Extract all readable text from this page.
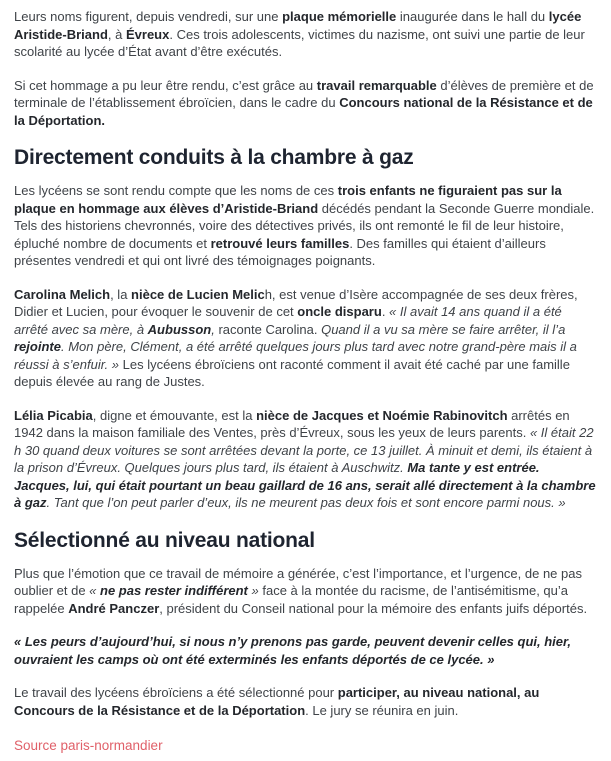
Leurs noms figurent, depuis vendredi, sur une plaque mémorielle inaugurée dans le hall du lycée Aristide-Briand, à Évreux. Ces trois adolescents, victimes du nazisme, ont suivi une partie de leur scolarité au lycée d’État avant d’être exécutés.

Si cet hommage a pu leur être rendu, c’est grâce au travail remarquable d’élèves de première et de terminale de l’établissement ébroïcien, dans le cadre du Concours national de la Résistance et de la Déportation.

Directement conduits à la chambre à gaz

Les lycéens se sont rendu compte que les noms de ces trois enfants ne figuraient pas sur la plaque en hommage aux élèves d’Aristide-Briand décédés pendant la Seconde Guerre mondiale. Tels des historiens chevronnés, voire des détectives privés, ils ont remonté le fil de leur histoire, épluché nombre de documents et retrouvé leurs familles. Des familles qui étaient d’ailleurs présentes vendredi et qui ont livré des témoignages poignants.

Carolina Melich, la nièce de Lucien Melich, est venue d’Isère accompagnée de ses deux frères, Didier et Lucien, pour évoquer le souvenir de cet oncle disparu. « Il avait 14 ans quand il a été arrêté avec sa mère, à Aubusson, raconte Carolina. Quand il a vu sa mère se faire arrêter, il l’a rejointe. Mon père, Clément, a été arrêté quelques jours plus tard avec notre grand-père mais il a réussi à s’enfuir. » Les lycéens ébroïciens ont raconté comment il avait été caché par une famille depuis élevée au rang de Justes.

Lélia Picabia, digne et émouvante, est la nièce de Jacques et Noémie Rabinovitch arrêtés en 1942 dans la maison familiale des Ventes, près d’Évreux, sous les yeux de leurs parents. « Il était 22 h 30 quand deux voitures se sont arrêtées devant la porte, ce 13 juillet. À minuit et demi, ils étaient à la prison d’Évreux. Quelques jours plus tard, ils étaient à Auschwitz. Ma tante y est entrée. Jacques, lui, qui était pourtant un beau gaillard de 16 ans, serait allé directement à la chambre à gaz. Tant que l’on peut parler d’eux, ils ne meurent pas deux fois et sont encore parmi nous. »

Sélectionné au niveau national

Plus que l’émotion que ce travail de mémoire a générée, c’est l’importance, et l’urgence, de ne pas oublier et de « ne pas rester indifférent » face à la montée du racisme, de l’antisémitisme, qu’a rappelée André Panczer, président du Conseil national pour la mémoire des enfants juifs déportés.

« Les peurs d’aujourd’hui, si nous n’y prenons pas garde, peuvent devenir celles qui, hier, ouvraient les camps où ont été exterminés les enfants déportés de ce lycée. »

Le travail des lycéens ébroïciens a été sélectionné pour participer, au niveau national, au Concours de la Résistance et de la Déportation. Le jury se réunira en juin.

Source paris-normandier
